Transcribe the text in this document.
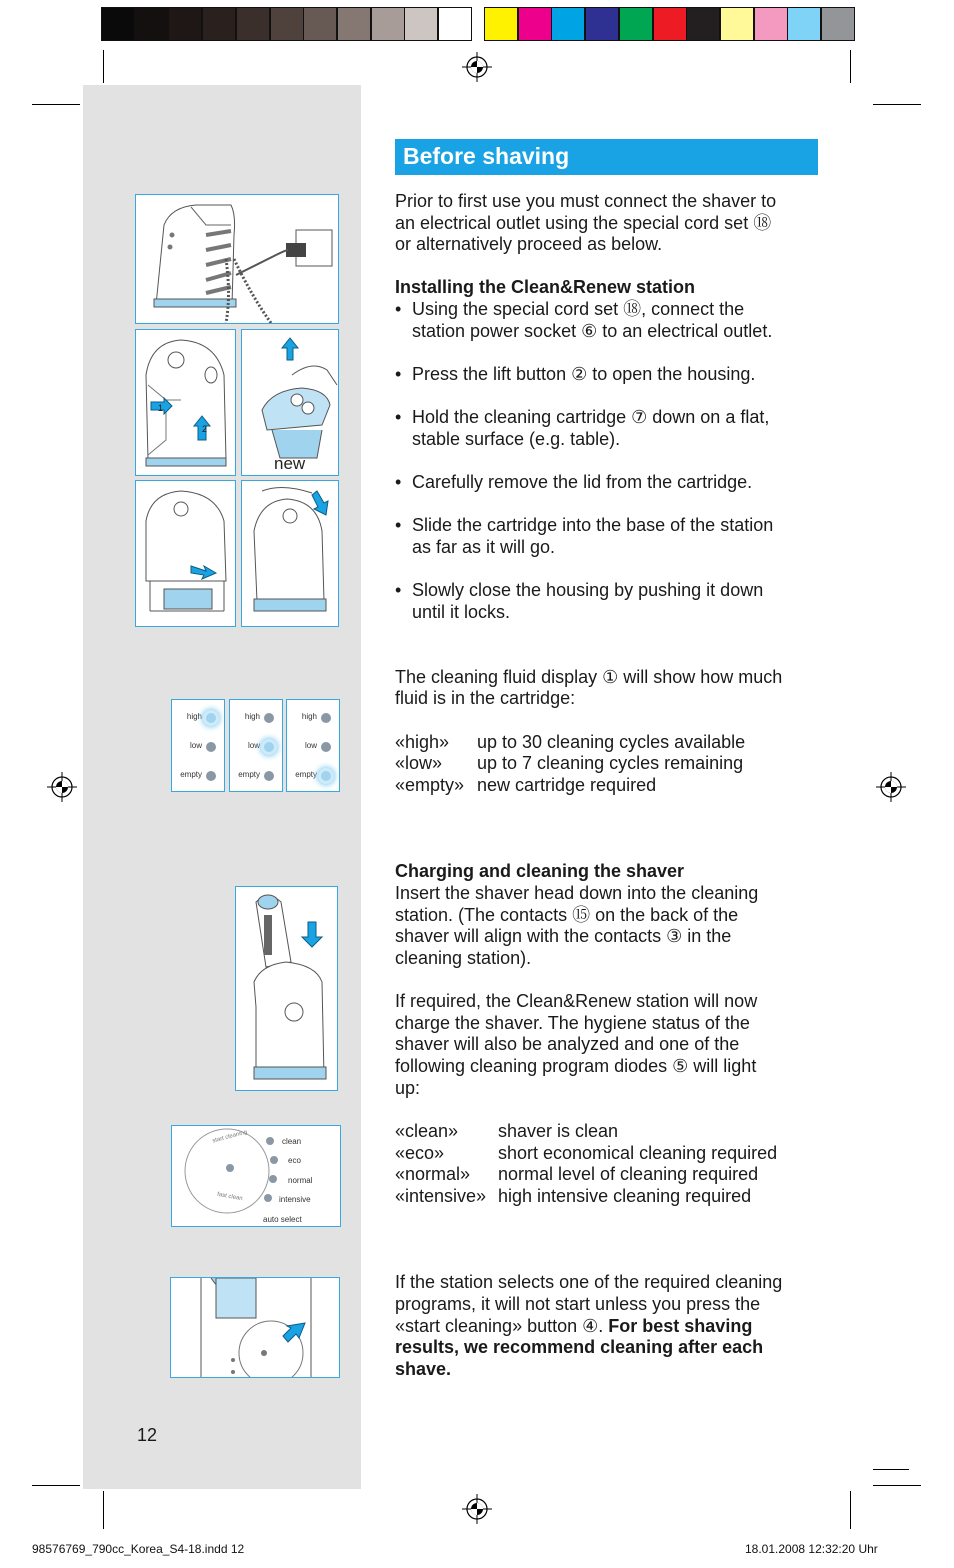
1
2
new
high
low
empty
high
low
empty
high
low
empty
clean
eco
normal
intensive
auto select
start cleaning
fast clean
12
Before shaving
Prior to first use you must connect the shaver to
an electrical outlet using the special cord set ⑱
or alternatively proceed as below.
Installing the Clean&Renew station
• Using the special cord set ⑱, connect the
station power socket ⑥ to an electrical outlet.
• Press the lift button ② to open the housing.
• Hold the cleaning cartridge ⑦ down on a flat,
stable surface (e.g. table).
• Carefully remove the lid from the cartridge.
• Slide the cartridge into the base of the station
as far as it will go.
• Slowly close the housing by pushing it down
until it locks.
The cleaning fluid display ① will show how much
fluid is in the cartridge:
«high» up to 30 cleaning cycles available
«low» up to 7 cleaning cycles remaining
«empty» new cartridge required
Charging and cleaning the shaver
Insert the shaver head down into the cleaning
station. (The contacts ⑮ on the back of the
shaver will align with the contacts ③ in the
cleaning station).
If required, the Clean&Renew station will now
charge the shaver. The hygiene status of the
shaver will also be analyzed and one of the
following cleaning program diodes ⑤ will light
up:
«clean» shaver is clean
«eco»	short economical cleaning required
«normal» normal level of cleaning required
«intensive» high intensive cleaning required
If the station selects one of the required cleaning
programs, it will not start unless you press the
«start cleaning» button ④. For best shaving
results, we recommend cleaning after each
shave.
98576769_790cc_Korea_S4-18.indd 12	18.01.2008 12:32:20 Uhr
